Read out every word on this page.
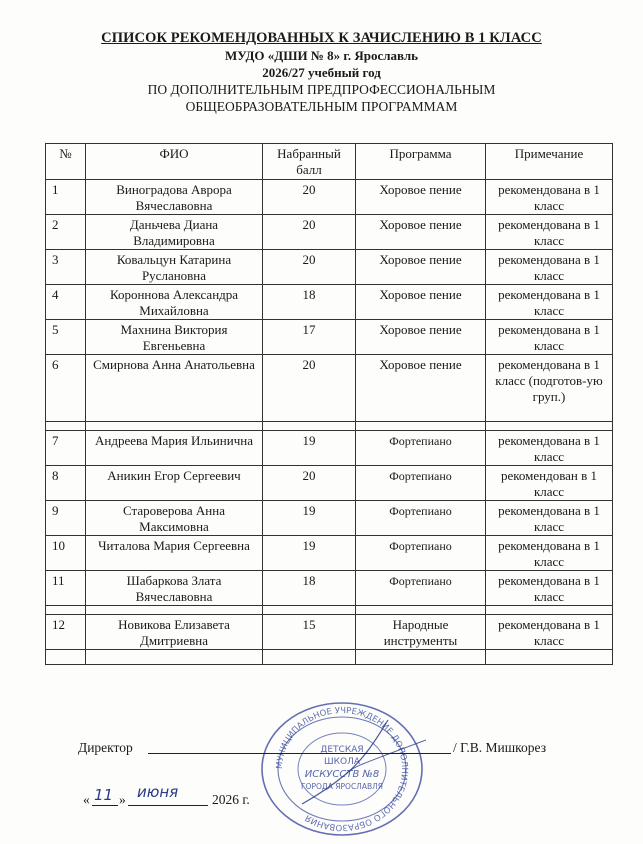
СПИСОК РЕКОМЕНДОВАННЫХ К ЗАЧИСЛЕНИЮ В 1 КЛАСС
МУДО «ДШИ № 8» г. Ярославль
2026/27 учебный год
ПО ДОПОЛНИТЕЛЬНЫМ ПРЕДПРОФЕССИОНАЛЬНЫМ
ОБЩЕОБРАЗОВАТЕЛЬНЫМ ПРОГРАММАМ
№	ФИО	Набранный балл	Программа	Примечание
1	Виноградова Аврора Вячеславовна	20	Хоровое пение	рекомендована в 1 класс
2	Даньчева Диана Владимировна	20	Хоровое пение	рекомендована в 1 класс
3	Ковальцун Катарина Руслановна	20	Хоровое пение	рекомендована в 1 класс
4	Короннова Александра Михайловна	18	Хоровое пение	рекомендована в 1 класс
5	Махнина Виктория Евгеньевна	17	Хоровое пение	рекомендована в 1 класс
6	Смирнова Анна Анатольевна	20	Хоровое пение	рекомендована в 1 класс (подготов-ую груп.)

7	Андреева Мария Ильинична	19	Фортепиано	рекомендована в 1 класс
8	Аникин Егор Сергеевич	20	Фортепиано	рекомендован в 1 класс
9	Староверова Анна Максимовна	19	Фортепиано	рекомендована в 1 класс
10	Читалова Мария Сергеевна	19	Фортепиано	рекомендована в 1 класс
11	Шабаркова Злата Вячеславовна	18	Фортепиано	рекомендована в 1 класс

12	Новикова Елизавета Дмитриевна	15	Народные инструменты	рекомендована в 1 класс

МУНИЦИПАЛЬНОЕ УЧРЕЖДЕНИЕ ДОПОЛНИТЕЛЬНОГО ОБРАЗОВАНИЯ
ДЕТСКАЯ
ШКОЛА
ИСКУССТВ №8
ГОРОДА ЯРОСЛАВЛЯ
Директор	/ Г.В. Мишкорез
« 11 » июня	2026 г.
